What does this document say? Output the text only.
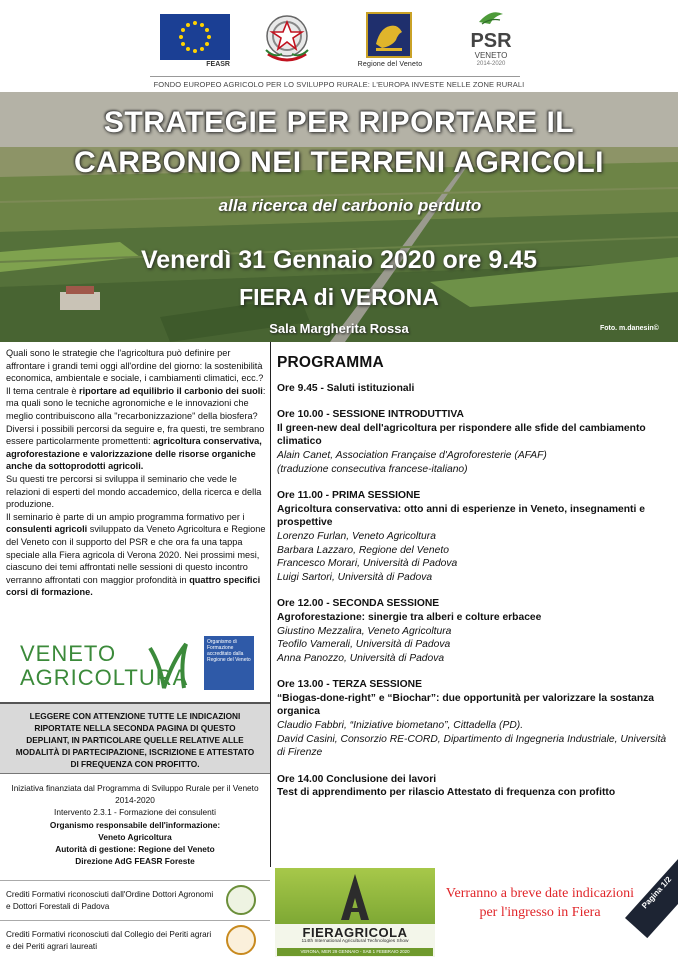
FEASR	Regione del Veneto
PSR
VENETO
2014-2020
FONDO EUROPEO AGRICOLO PER LO SVILUPPO RURALE: L'EUROPA INVESTE NELLE ZONE RURALI
STRATEGIE PER RIPORTARE IL
CARBONIO NEI TERRENI AGRICOLI
alla ricerca del carbonio perduto
Venerdì 31 Gennaio 2020 ore 9.45
FIERA di VERONA
Sala Margherita Rossa	Foto. m.danesin©

Quali sono le strategie che l'agricoltura può definire per affrontare i grandi temi oggi all'ordine del giorno: la sostenibilità economica, ambientale e sociale, i cambiamenti climatici, ecc.?

Il tema centrale è riportare ad equilibrio il carbonio dei suoli: ma quali sono le tecniche agronomiche e le innovazioni che meglio contribuiscono alla "recarbonizzazione" della biosfera?

Diversi i possibili percorsi da seguire e, fra questi, tre sembrano essere particolarmente promettenti: agricoltura conservativa, agroforestazione e valorizzazione delle risorse organiche anche da sottoprodotti agricoli.

Su questi tre percorsi si sviluppa il seminario che vede le relazioni di esperti del mondo accademico, della ricerca e della produzione.

Il seminario è parte di un ampio programma formativo per i consulenti agricoli sviluppato da Veneto Agricoltura e Regione del Veneto con il supporto del PSR e che ora fa una tappa speciale alla Fiera agricola di Verona 2020. Nei prossimi mesi, ciascuno dei temi affrontati nelle sessioni di questo incontro verranno affrontati con maggior profondità in quattro specifici corsi di formazione.

VENETO
AGRICOLTURA
Organismo di Formazione accreditato dalla Regione del Veneto
LEGGERE CON ATTENZIONE TUTTE LE INDICAZIONI RIPORTATE NELLA SECONDA PAGINA DI QUESTO DEPLIANT, IN PARTICOLARE QUELLE RELATIVE ALLE MODALITÀ DI PARTECIPAZIONE, ISCRIZIONE E ATTESTATO DI FREQUENZA CON PROFITTO.
Iniziativa finanziata dal Programma di Sviluppo Rurale per il Veneto 2014-2020
Intervento 2.3.1 - Formazione dei consulenti
Organismo responsabile dell'informazione:
Veneto Agricoltura
Autorità di gestione: Regione del Veneto
Direzione AdG FEASR Foreste
Crediti Formativi riconosciuti dall'Ordine Dottori Agronomi e Dottori Forestali di Padova
Crediti Formativi riconosciuti dal Collegio dei Periti agrari e dei Periti agrari laureati
PROGRAMMA
Ore 9.45 - Saluti istituzionali
Ore 10.00 - SESSIONE INTRODUTTIVA
Il green-new deal dell'agricoltura per rispondere alle sfide del cambiamento climatico
Alain Canet, Association Française d'Agroforesterie (AFAF)
(traduzione consecutiva francese-italiano)
Ore 11.00 - PRIMA SESSIONE
Agricoltura conservativa: otto anni di esperienze in Veneto, insegnamenti e prospettive
Lorenzo Furlan, Veneto Agricoltura
Barbara Lazzaro, Regione del Veneto
Francesco Morari, Università di Padova
Luigi Sartori, Università di Padova
Ore 12.00 - SECONDA SESSIONE
Agroforestazione: sinergie tra alberi e colture erbacee
Giustino Mezzalira, Veneto Agricoltura
Teofilo Vamerali, Università di Padova
Anna Panozzo, Università di Padova
Ore 13.00 - TERZA SESSIONE
“Biogas-done-right” e “Biochar”: due opportunità per valorizzare la sostanza organica
Claudio Fabbri, “Iniziative biometano”, Cittadella (PD).
David Casini, Consorzio RE-CORD, Dipartimento di Ingegneria Industriale, Università di Firenze
Ore 14.00 Conclusione dei lavori
Test di apprendimento per rilascio Attestato di frequenza con profitto
FIERAGRICOLA
114th International Agricultural Technologies Show
VERONA, MER 29 GENNAIO - SAB 1 FEBBRAIO 2020
Verranno a breve date indicazioni per l'ingresso in Fiera
Pagina 1/2
